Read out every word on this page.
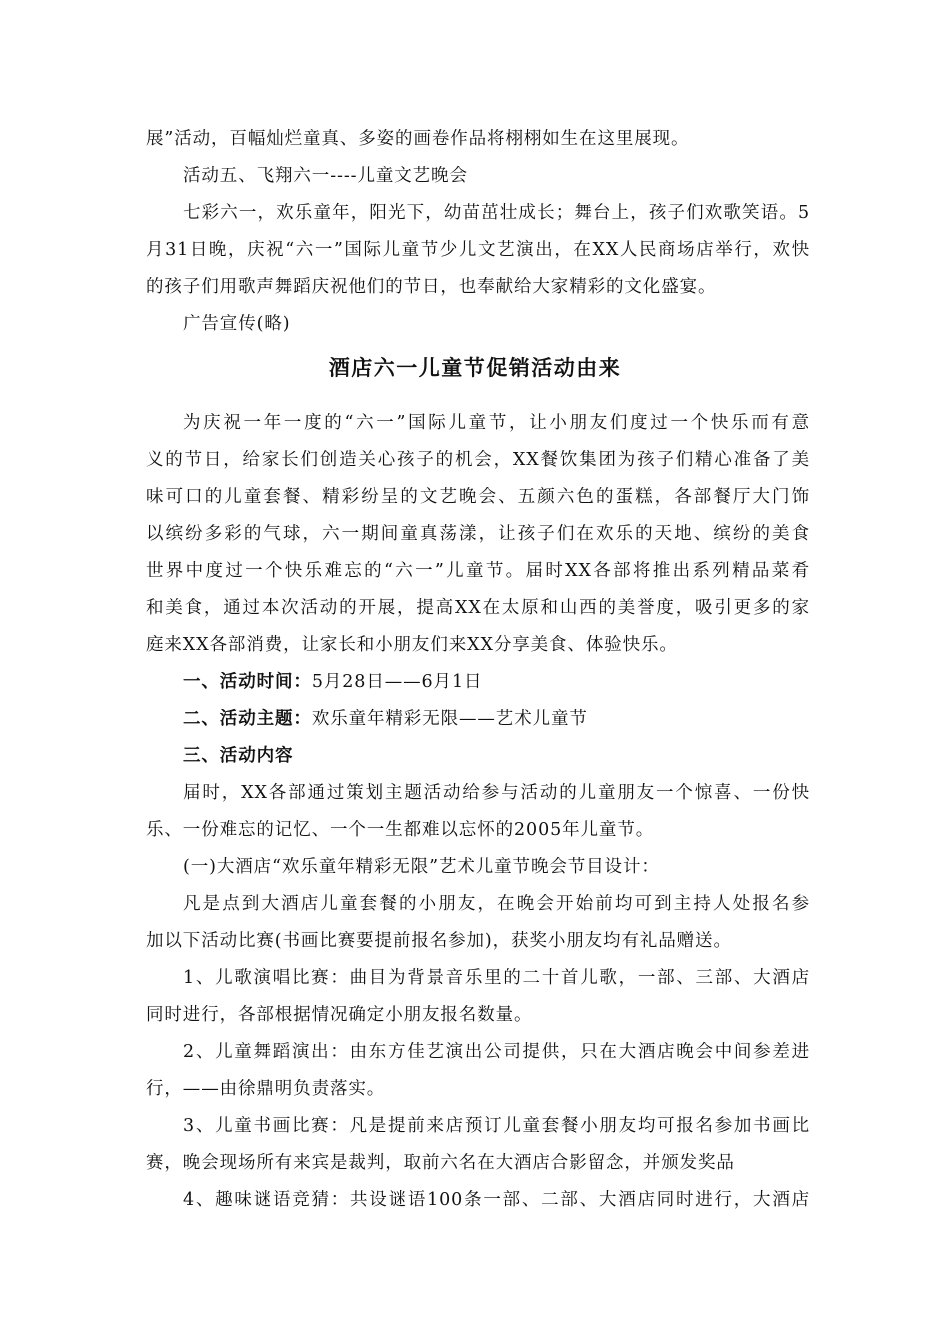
展”活动，百幅灿烂童真、多姿的画卷作品将栩栩如生在这里展现。
活动五、飞翔六一----儿童文艺晚会
七彩六一，欢乐童年，阳光下，幼苗茁壮成长；舞台上，孩子们欢歌笑语。5
月31日晚，庆祝“六一”国际儿童节少儿文艺演出，在XX人民商场店举行，欢快
的孩子们用歌声舞蹈庆祝他们的节日，也奉献给大家精彩的文化盛宴。
广告宣传(略)
酒店六一儿童节促销活动由来
为庆祝一年一度的“六一”国际儿童节，让小朋友们度过一个快乐而有意
义的节日，给家长们创造关心孩子的机会，XX餐饮集团为孩子们精心准备了美
味可口的儿童套餐、精彩纷呈的文艺晚会、五颜六色的蛋糕，各部餐厅大门饰
以缤纷多彩的气球，六一期间童真荡漾，让孩子们在欢乐的天地、缤纷的美食
世界中度过一个快乐难忘的“六一”儿童节。届时XX各部将推出系列精品菜肴
和美食，通过本次活动的开展，提高XX在太原和山西的美誉度，吸引更多的家
庭来XX各部消费，让家长和小朋友们来XX分享美食、体验快乐。
一、活动时间：5月28日——6月1日
二、活动主题：欢乐童年精彩无限——艺术儿童节
三、活动内容
届时，XX各部通过策划主题活动给参与活动的儿童朋友一个惊喜、一份快
乐、一份难忘的记忆、一个一生都难以忘怀的2005年儿童节。
(一)大酒店“欢乐童年精彩无限”艺术儿童节晚会节目设计：
凡是点到大酒店儿童套餐的小朋友，在晚会开始前均可到主持人处报名参
加以下活动比赛(书画比赛要提前报名参加)，获奖小朋友均有礼品赠送。
1、儿歌演唱比赛：曲目为背景音乐里的二十首儿歌，一部、三部、大酒店
同时进行，各部根据情况确定小朋友报名数量。
2、儿童舞蹈演出：由东方佳艺演出公司提供，只在大酒店晚会中间参差进
行，——由徐鼎明负责落实。
3、儿童书画比赛：凡是提前来店预订儿童套餐小朋友均可报名参加书画比
赛，晚会现场所有来宾是裁判，取前六名在大酒店合影留念，并颁发奖品
4、趣味谜语竞猜：共设谜语100条一部、二部、大酒店同时进行，大酒店
